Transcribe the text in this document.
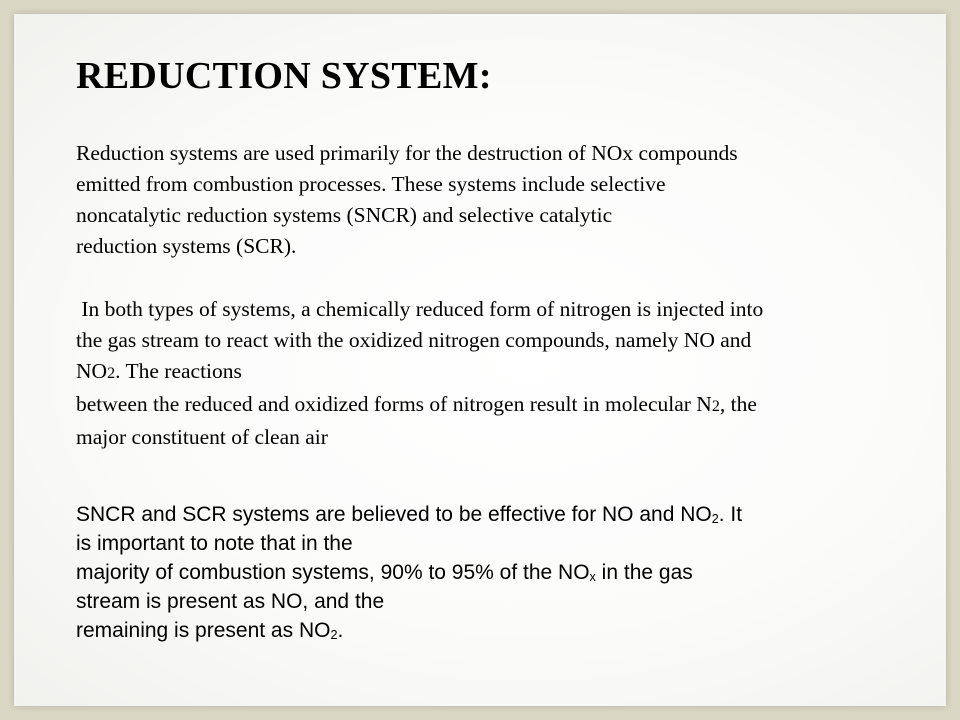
REDUCTION SYSTEM:
Reduction systems are used primarily for the destruction of NOx compounds
emitted from combustion processes. These systems include selective
noncatalytic reduction systems (SNCR) and selective catalytic
reduction systems (SCR).
In both types of systems, a chemically reduced form of nitrogen is injected into
the gas stream to react with the oxidized nitrogen compounds, namely NO and
NO2. The reactions
between the reduced and oxidized forms of nitrogen result in molecular N2, the
major constituent of clean air
SNCR and SCR systems are believed to be effective for NO and $NO_2$. It
is important to note that in the
majority of combustion systems, 90% to 95% of the $NO_x$ in the gas
stream is present as NO, and the
remaining is present as $NO_2$.
